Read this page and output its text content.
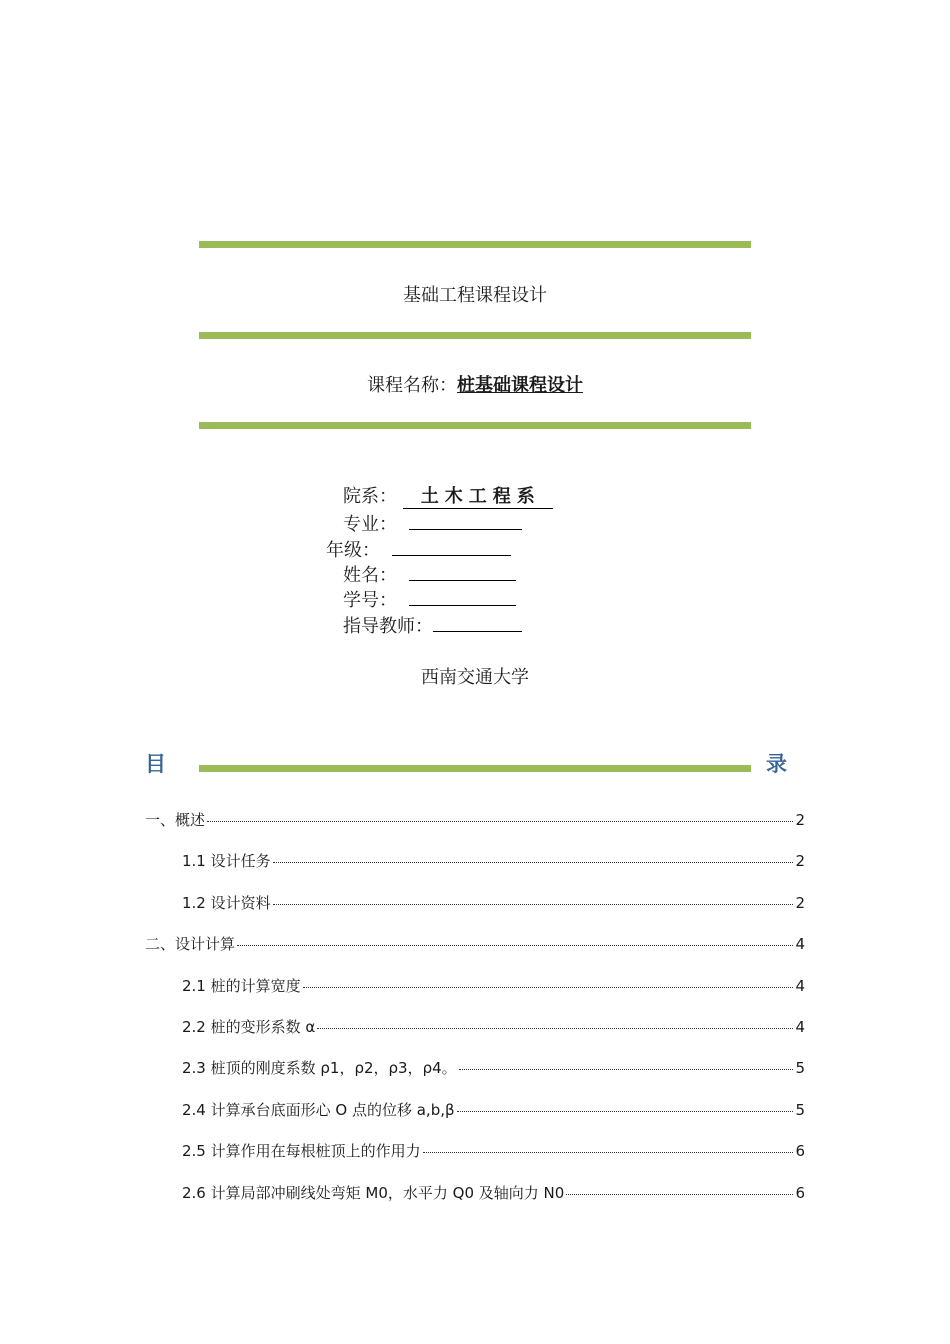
基础工程课程设计
课程名称：桩基础课程设计
院系： 土木工程系
专业：
年级：
姓名：
学号：
指导教师：
西南交通大学
目	录
一、概述	2
1.1 设计任务	2
1.2 设计资料	2
二、设计计算	4
2.1 桩的计算宽度	4
2.2 桩的变形系数 α	4
2.3 桩顶的刚度系数 ρ1，ρ2，ρ3，ρ4。	5
2.4 计算承台底面形心 O 点的位移 a,b,β	5
2.5 计算作用在每根桩顶上的作用力	6
2.6 计算局部冲刷线处弯矩 M0，水平力 Q0 及轴向力 N0	6
